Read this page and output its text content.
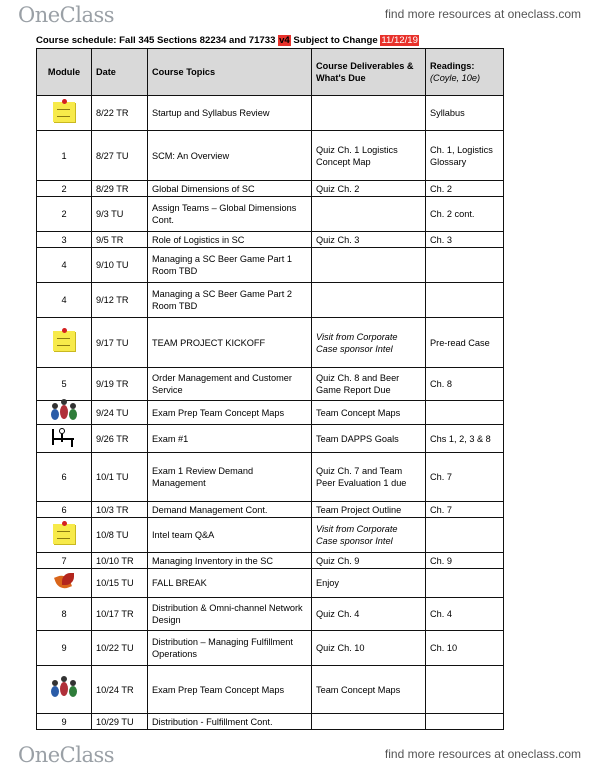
OneClass	find more resources at oneclass.com
Course schedule: Fall 345 Sections 82234 and 71733 v4 Subject to Change 11/12/19
Module	Date	Course Topics	Course Deliverables & What's Due	Readings:
(Coyle, 10e)

	8/22 TR	Startup and Syllabus Review		Syllabus
1	8/27 TU	SCM: An Overview	Quiz Ch. 1 Logistics Concept Map	Ch. 1, Logistics Glossary
2	8/29 TR	Global Dimensions of SC	Quiz Ch. 2	Ch. 2
2	9/3 TU	Assign Teams – Global Dimensions Cont.		Ch. 2 cont.
3	9/5 TR	Role of Logistics in SC	Quiz Ch. 3	Ch. 3
4	9/10 TU	Managing a SC Beer Game Part 1 Room TBD		
4	9/12 TR	Managing a SC Beer Game Part 2 Room TBD		
	9/17 TU	TEAM PROJECT KICKOFF	Visit from Corporate Case sponsor Intel	Pre-read Case
5	9/19 TR	Order Management and Customer Service	Quiz Ch. 8 and Beer Game Report Due	Ch. 8

	9/24 TU	Exam Prep Team Concept Maps	Team Concept Maps	

	9/26 TR	Exam #1	Team DAPPS Goals	Chs 1, 2, 3 & 8
6	10/1 TU	Exam 1 Review Demand Management	Quiz Ch. 7 and Team Peer Evaluation 1 due	Ch. 7
6	10/3 TR	Demand Management Cont.	Team Project Outline	Ch. 7
	10/8 TU	Intel team Q&A	Visit from Corporate Case sponsor Intel	
7	10/10 TR	Managing Inventory in the SC	Quiz Ch. 9	Ch. 9
	10/15 TU	FALL BREAK	Enjoy	
8	10/17 TR	Distribution & Omni-channel Network Design	Quiz Ch. 4	Ch. 4
9	10/22 TU	Distribution – Managing Fulfillment Operations	Quiz Ch. 10	Ch. 10

	10/24 TR	Exam Prep Team Concept Maps	Team Concept Maps	
9	10/29 TU	Distribution - Fulfillment Cont.		
OneClass	find more resources at oneclass.com
